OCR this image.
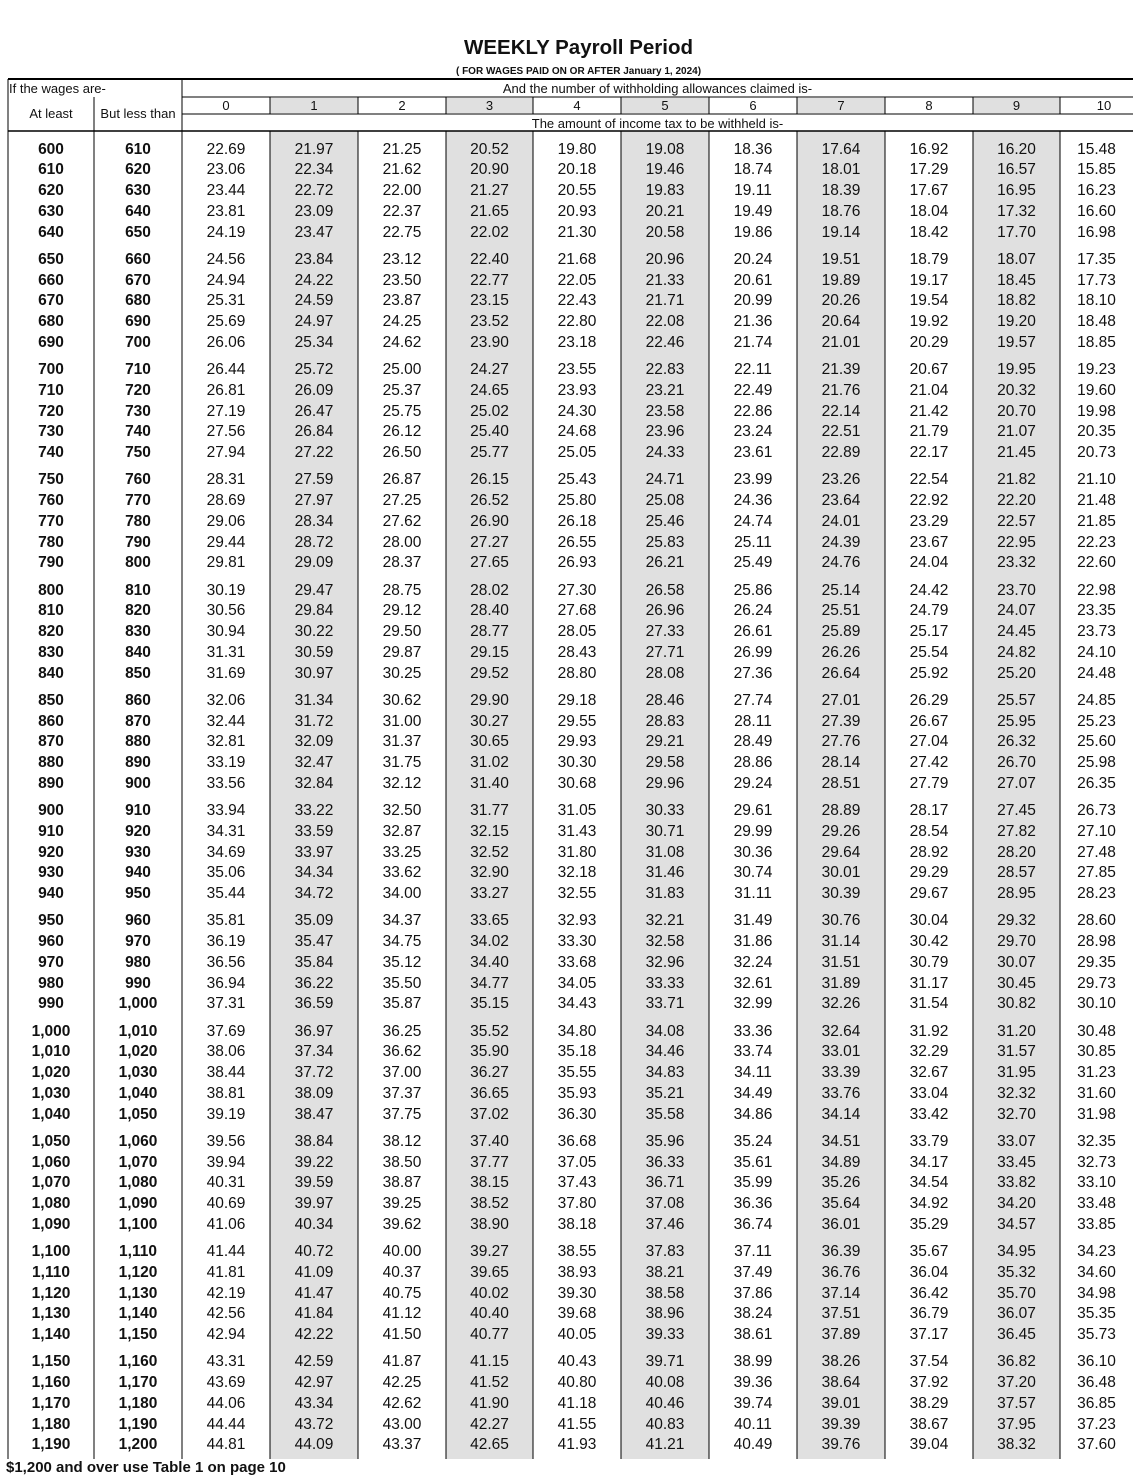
WEEKLY Payroll Period
( FOR WAGES PAID ON OR AFTER January 1, 2024)
If the wages are-	And the number of withholding allowances claimed is-
At least	But less than
The amount of income tax to be withheld is-
0	1	2	3	4	5	6	7	8	9	10
600	610	22.69	21.97	21.25	20.52	19.80	19.08	18.36	17.64	16.92	16.20	15.48
610	620	23.06	22.34	21.62	20.90	20.18	19.46	18.74	18.01	17.29	16.57	15.85
620	630	23.44	22.72	22.00	21.27	20.55	19.83	19.11	18.39	17.67	16.95	16.23
630	640	23.81	23.09	22.37	21.65	20.93	20.21	19.49	18.76	18.04	17.32	16.60
640	650	24.19	23.47	22.75	22.02	21.30	20.58	19.86	19.14	18.42	17.70	16.98
650	660	24.56	23.84	23.12	22.40	21.68	20.96	20.24	19.51	18.79	18.07	17.35
660	670	24.94	24.22	23.50	22.77	22.05	21.33	20.61	19.89	19.17	18.45	17.73
670	680	25.31	24.59	23.87	23.15	22.43	21.71	20.99	20.26	19.54	18.82	18.10
680	690	25.69	24.97	24.25	23.52	22.80	22.08	21.36	20.64	19.92	19.20	18.48
690	700	26.06	25.34	24.62	23.90	23.18	22.46	21.74	21.01	20.29	19.57	18.85
700	710	26.44	25.72	25.00	24.27	23.55	22.83	22.11	21.39	20.67	19.95	19.23
710	720	26.81	26.09	25.37	24.65	23.93	23.21	22.49	21.76	21.04	20.32	19.60
720	730	27.19	26.47	25.75	25.02	24.30	23.58	22.86	22.14	21.42	20.70	19.98
730	740	27.56	26.84	26.12	25.40	24.68	23.96	23.24	22.51	21.79	21.07	20.35
740	750	27.94	27.22	26.50	25.77	25.05	24.33	23.61	22.89	22.17	21.45	20.73
750	760	28.31	27.59	26.87	26.15	25.43	24.71	23.99	23.26	22.54	21.82	21.10
760	770	28.69	27.97	27.25	26.52	25.80	25.08	24.36	23.64	22.92	22.20	21.48
770	780	29.06	28.34	27.62	26.90	26.18	25.46	24.74	24.01	23.29	22.57	21.85
780	790	29.44	28.72	28.00	27.27	26.55	25.83	25.11	24.39	23.67	22.95	22.23
790	800	29.81	29.09	28.37	27.65	26.93	26.21	25.49	24.76	24.04	23.32	22.60
800	810	30.19	29.47	28.75	28.02	27.30	26.58	25.86	25.14	24.42	23.70	22.98
810	820	30.56	29.84	29.12	28.40	27.68	26.96	26.24	25.51	24.79	24.07	23.35
820	830	30.94	30.22	29.50	28.77	28.05	27.33	26.61	25.89	25.17	24.45	23.73
830	840	31.31	30.59	29.87	29.15	28.43	27.71	26.99	26.26	25.54	24.82	24.10
840	850	31.69	30.97	30.25	29.52	28.80	28.08	27.36	26.64	25.92	25.20	24.48
850	860	32.06	31.34	30.62	29.90	29.18	28.46	27.74	27.01	26.29	25.57	24.85
860	870	32.44	31.72	31.00	30.27	29.55	28.83	28.11	27.39	26.67	25.95	25.23
870	880	32.81	32.09	31.37	30.65	29.93	29.21	28.49	27.76	27.04	26.32	25.60
880	890	33.19	32.47	31.75	31.02	30.30	29.58	28.86	28.14	27.42	26.70	25.98
890	900	33.56	32.84	32.12	31.40	30.68	29.96	29.24	28.51	27.79	27.07	26.35
900	910	33.94	33.22	32.50	31.77	31.05	30.33	29.61	28.89	28.17	27.45	26.73
910	920	34.31	33.59	32.87	32.15	31.43	30.71	29.99	29.26	28.54	27.82	27.10
920	930	34.69	33.97	33.25	32.52	31.80	31.08	30.36	29.64	28.92	28.20	27.48
930	940	35.06	34.34	33.62	32.90	32.18	31.46	30.74	30.01	29.29	28.57	27.85
940	950	35.44	34.72	34.00	33.27	32.55	31.83	31.11	30.39	29.67	28.95	28.23
950	960	35.81	35.09	34.37	33.65	32.93	32.21	31.49	30.76	30.04	29.32	28.60
960	970	36.19	35.47	34.75	34.02	33.30	32.58	31.86	31.14	30.42	29.70	28.98
970	980	36.56	35.84	35.12	34.40	33.68	32.96	32.24	31.51	30.79	30.07	29.35
980	990	36.94	36.22	35.50	34.77	34.05	33.33	32.61	31.89	31.17	30.45	29.73
990	1,000	37.31	36.59	35.87	35.15	34.43	33.71	32.99	32.26	31.54	30.82	30.10
1,000	1,010	37.69	36.97	36.25	35.52	34.80	34.08	33.36	32.64	31.92	31.20	30.48
1,010	1,020	38.06	37.34	36.62	35.90	35.18	34.46	33.74	33.01	32.29	31.57	30.85
1,020	1,030	38.44	37.72	37.00	36.27	35.55	34.83	34.11	33.39	32.67	31.95	31.23
1,030	1,040	38.81	38.09	37.37	36.65	35.93	35.21	34.49	33.76	33.04	32.32	31.60
1,040	1,050	39.19	38.47	37.75	37.02	36.30	35.58	34.86	34.14	33.42	32.70	31.98
1,050	1,060	39.56	38.84	38.12	37.40	36.68	35.96	35.24	34.51	33.79	33.07	32.35
1,060	1,070	39.94	39.22	38.50	37.77	37.05	36.33	35.61	34.89	34.17	33.45	32.73
1,070	1,080	40.31	39.59	38.87	38.15	37.43	36.71	35.99	35.26	34.54	33.82	33.10
1,080	1,090	40.69	39.97	39.25	38.52	37.80	37.08	36.36	35.64	34.92	34.20	33.48
1,090	1,100	41.06	40.34	39.62	38.90	38.18	37.46	36.74	36.01	35.29	34.57	33.85
1,100	1,110	41.44	40.72	40.00	39.27	38.55	37.83	37.11	36.39	35.67	34.95	34.23
1,110	1,120	41.81	41.09	40.37	39.65	38.93	38.21	37.49	36.76	36.04	35.32	34.60
1,120	1,130	42.19	41.47	40.75	40.02	39.30	38.58	37.86	37.14	36.42	35.70	34.98
1,130	1,140	42.56	41.84	41.12	40.40	39.68	38.96	38.24	37.51	36.79	36.07	35.35
1,140	1,150	42.94	42.22	41.50	40.77	40.05	39.33	38.61	37.89	37.17	36.45	35.73
1,150	1,160	43.31	42.59	41.87	41.15	40.43	39.71	38.99	38.26	37.54	36.82	36.10
1,160	1,170	43.69	42.97	42.25	41.52	40.80	40.08	39.36	38.64	37.92	37.20	36.48
1,170	1,180	44.06	43.34	42.62	41.90	41.18	40.46	39.74	39.01	38.29	37.57	36.85
1,180	1,190	44.44	43.72	43.00	42.27	41.55	40.83	40.11	39.39	38.67	37.95	37.23
1,190	1,200	44.81	44.09	43.37	42.65	41.93	41.21	40.49	39.76	39.04	38.32	37.60
$1,200 and over use Table 1 on page 10
